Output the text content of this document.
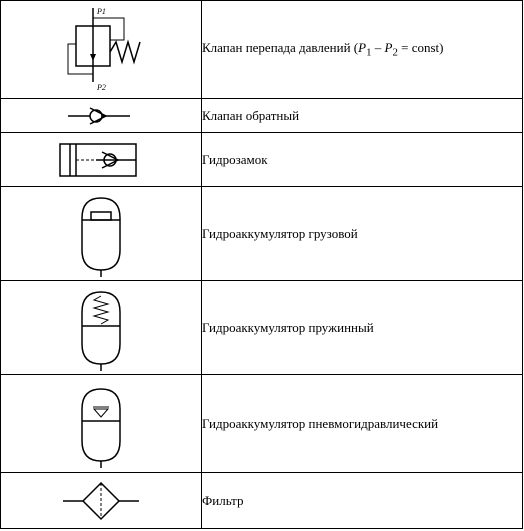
P1
P2	Клапан перепада давлений ($P_1 - P_2$ = const)

	Клапан обратный

	Гидрозамок

	Гидроаккумулятор грузовой

	Гидроаккумулятор пружинный

	Гидроаккумулятор пневмогидравлический

	Фильтр
